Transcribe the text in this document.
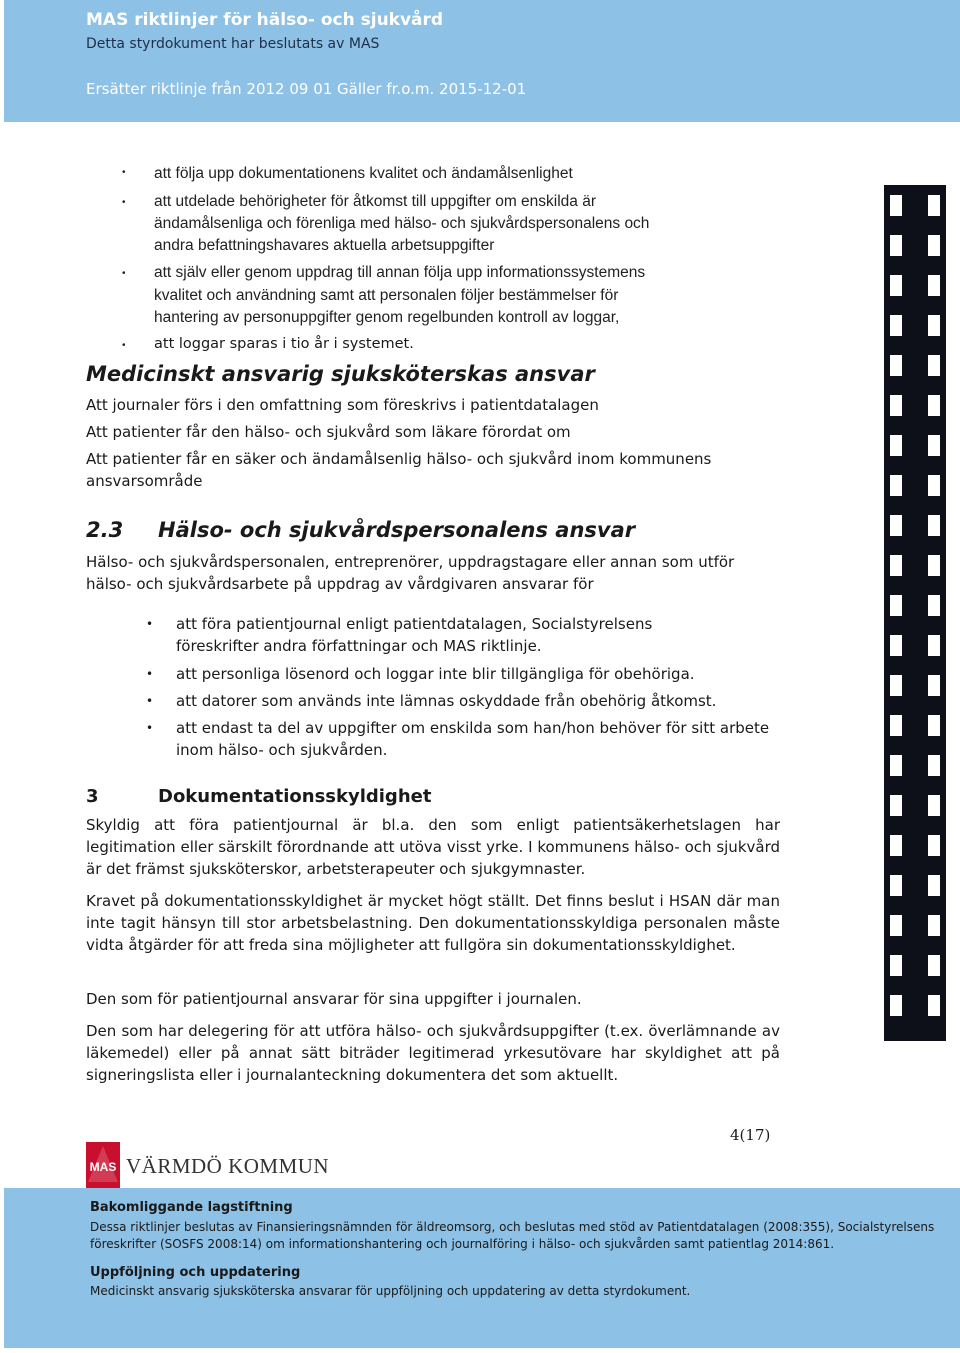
MAS riktlinjer för hälso- och sjukvård
Detta styrdokument har beslutats av MAS
Ersätter riktlinje från 2012 09 01 Gäller fr.o.m. 2015-12-01
• att följa upp dokumentationens kvalitet och ändamålsenlighet
• att utdelade behörigheter för åtkomst till uppgifter om enskilda är
ändamålsenliga och förenliga med hälso- och sjukvårdspersonalens och
andra befattningshavares aktuella arbetsuppgifter
• att själv eller genom uppdrag till annan följa upp informationssystemens
kvalitet och användning samt att personalen följer bestämmelser för
hantering av personuppgifter genom regelbunden kontroll av loggar,
• att loggar sparas i tio år i systemet.
Medicinskt ansvarig sjuksköterskas ansvar
Att journaler förs i den omfattning som föreskrivs i patientdatalagen
Att patienter får den hälso- och sjukvård som läkare förordat om
Att patienter får en säker och ändamålsenlig hälso- och sjukvård inom kommunens
ansvarsområde
2.3 Hälso- och sjukvårdspersonalens ansvar
Hälso- och sjukvårdspersonalen, entreprenörer, uppdragstagare eller annan som utför
hälso- och sjukvårdsarbete på uppdrag av vårdgivaren ansvarar för
• att föra patientjournal enligt patientdatalagen, Socialstyrelsens föreskrifter andra författningar och MAS riktlinje.
• att personliga lösenord och loggar inte blir tillgängliga för obehöriga.
• att datorer som används inte lämnas oskyddade från obehörig åtkomst.
• att endast ta del av uppgifter om enskilda som han/hon behöver för sitt arbete inom hälso- och sjukvården.
3	Dokumentationsskyldighet
Skyldig att föra patientjournal är bl.a. den som enligt patientsäkerhetslagen har legitimation eller särskilt förordnande att utöva visst yrke. I kommunens hälso- och sjukvård är det främst sjuksköterskor, arbetsterapeuter och sjukgymnaster.
Kravet på dokumentationsskyldighet är mycket högt ställt. Det finns beslut i HSAN där man inte tagit hänsyn till stor arbetsbelastning. Den dokumentationsskyldiga personalen måste vidta åtgärder för att freda sina möjligheter att fullgöra sin dokumentationsskyldighet.
Den som för patientjournal ansvarar för sina uppgifter i journalen.
Den som har delegering för att utföra hälso- och sjukvårdsuppgifter (t.ex. överlämnande av läkemedel) eller på annat sätt biträder legitimerad yrkesutövare har skyldighet att på signeringslista eller i journalanteckning dokumentera det som aktuellt.
4(17)
MAS VÄRMDÖ KOMMUN
Bakomliggande lagstiftning
Dessa riktlinjer beslutas av Finansieringsnämnden för äldreomsorg, och beslutas med stöd av Patientdatalagen (2008:355), Socialstyrelsens
föreskrifter (SOSFS 2008:14) om informationshantering och journalföring i hälso- och sjukvården samt patientlag 2014:861.
Uppföljning och uppdatering
Medicinskt ansvarig sjuksköterska ansvarar för uppföljning och uppdatering av detta styrdokument.
